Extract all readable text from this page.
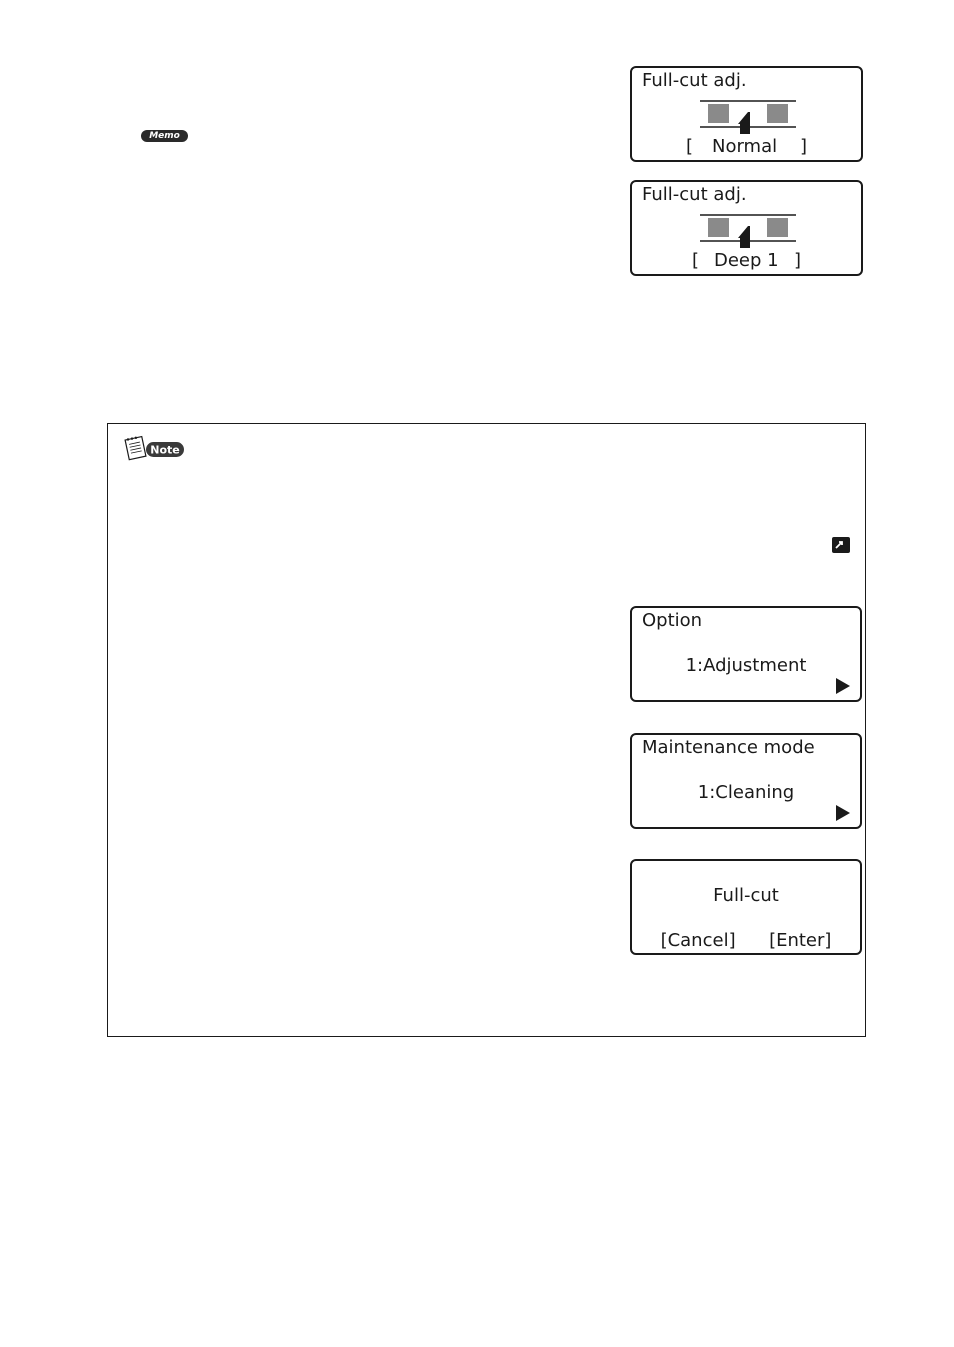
Memo
Full-cut adj.
[ Normal ]
Full-cut adj.
[ Deep 1 ]
Note
Option
1:Adjustment
Maintenance mode
1:Cleaning
Full-cut
[Cancel] [Enter]
